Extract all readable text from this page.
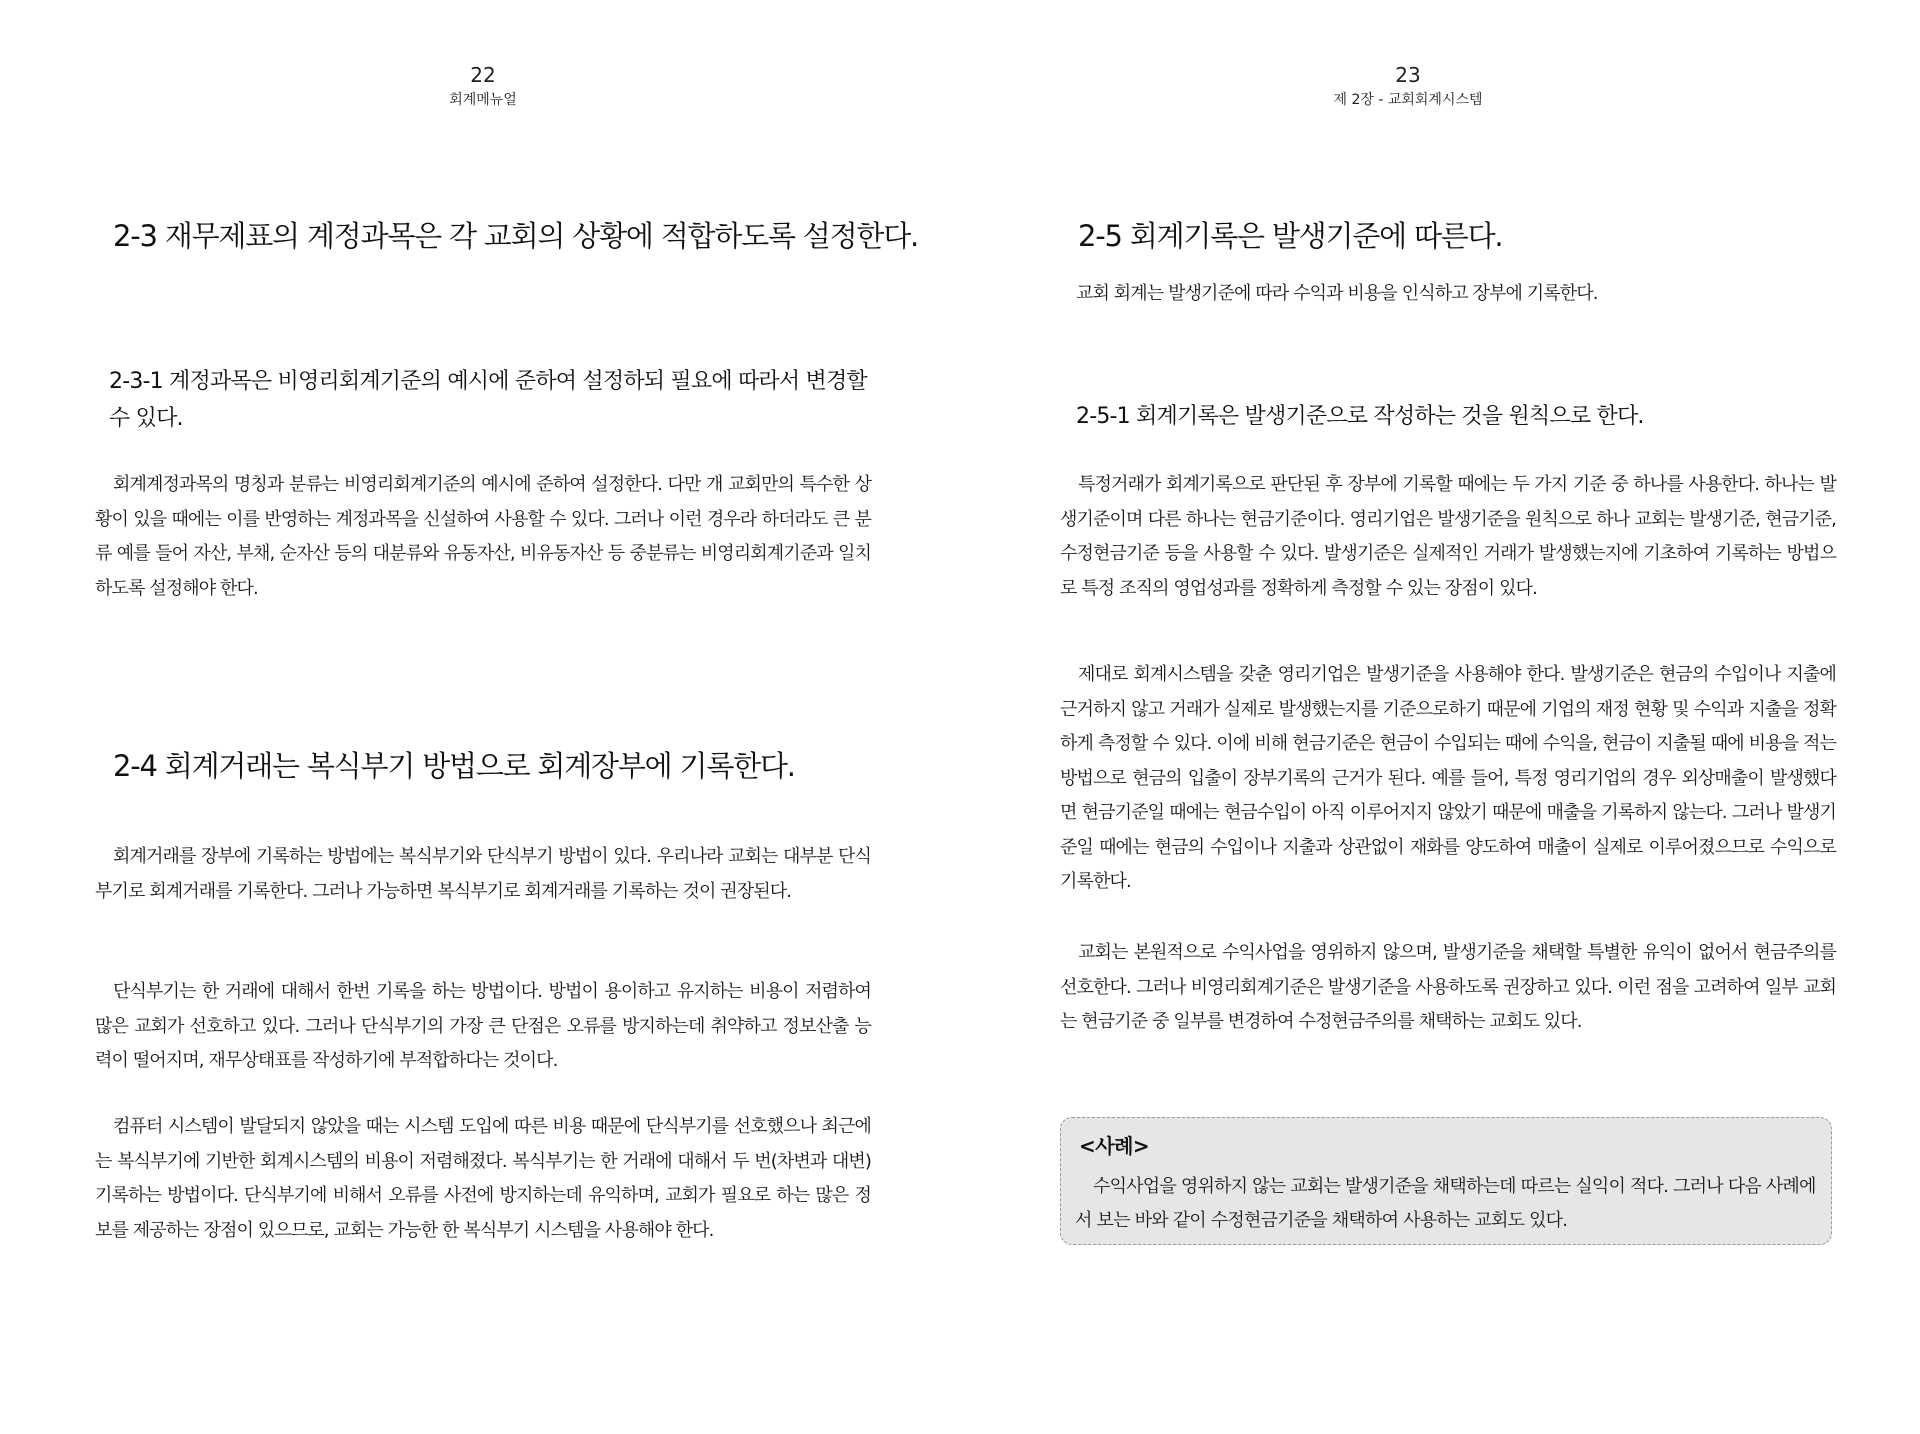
22
회계메뉴얼
2-3 재무제표의 계정과목은 각 교회의 상황에 적합하도록 설정한다.
2-3-1 계정과목은 비영리회계기준의 예시에 준하여 설정하되 필요에 따라서 변경할 수 있다.

회계계정과목의 명칭과 분류는 비영리회계기준의 예시에 준하여 설정한다. 다만 개 교회만의 특수한 상황이 있을 때에는 이를 반영하는 계정과목을 신설하여 사용할 수 있다. 그러나 이런 경우라 하더라도 큰 분류 예를 들어 자산, 부채, 순자산 등의 대분류와 유동자산, 비유동자산 등 중분류는 비영리회계기준과 일치하도록 설정해야 한다.

2-4 회계거래는 복식부기 방법으로 회계장부에 기록한다.

회계거래를 장부에 기록하는 방법에는 복식부기와 단식부기 방법이 있다. 우리나라 교회는 대부분 단식부기로 회계거래를 기록한다. 그러나 가능하면 복식부기로 회계거래를 기록하는 것이 권장된다.

단식부기는 한 거래에 대해서 한번 기록을 하는 방법이다. 방법이 용이하고 유지하는 비용이 저렴하여 많은 교회가 선호하고 있다. 그러나 단식부기의 가장 큰 단점은 오류를 방지하는데 취약하고 정보산출 능력이 떨어지며, 재무상태표를 작성하기에 부적합하다는 것이다.

컴퓨터 시스템이 발달되지 않았을 때는 시스템 도입에 따른 비용 때문에 단식부기를 선호했으나 최근에는 복식부기에 기반한 회계시스템의 비용이 저렴해졌다. 복식부기는 한 거래에 대해서 두 번(차변과 대변) 기록하는 방법이다. 단식부기에 비해서 오류를 사전에 방지하는데 유익하며, 교회가 필요로 하는 많은 정보를 제공하는 장점이 있으므로, 교회는 가능한 한 복식부기 시스템을 사용해야 한다.

23
제 2장 - 교회회계시스템
2-5 회계기록은 발생기준에 따른다.

교회 회계는 발생기준에 따라 수익과 비용을 인식하고 장부에 기록한다.

2-5-1 회계기록은 발생기준으로 작성하는 것을 원칙으로 한다.

특정거래가 회계기록으로 판단된 후 장부에 기록할 때에는 두 가지 기준 중 하나를 사용한다. 하나는 발생기준이며 다른 하나는 현금기준이다. 영리기업은 발생기준을 원칙으로 하나 교회는 발생기준, 현금기준, 수정현금기준 등을 사용할 수 있다. 발생기준은 실제적인 거래가 발생했는지에 기초하여 기록하는 방법으로 특정 조직의 영업성과를 정확하게 측정할 수 있는 장점이 있다.

제대로 회계시스템을 갖춘 영리기업은 발생기준을 사용해야 한다. 발생기준은 현금의 수입이나 지출에 근거하지 않고 거래가 실제로 발생했는지를 기준으로하기 때문에 기업의 재정 현황 및 수익과 지출을 정확하게 측정할 수 있다. 이에 비해 현금기준은 현금이 수입되는 때에 수익을, 현금이 지출될 때에 비용을 적는 방법으로 현금의 입출이 장부기록의 근거가 된다. 예를 들어, 특정 영리기업의 경우 외상매출이 발생했다면 현금기준일 때에는 현금수입이 아직 이루어지지 않았기 때문에 매출을 기록하지 않는다. 그러나 발생기준일 때에는 현금의 수입이나 지출과 상관없이 재화를 양도하여 매출이 실제로 이루어졌으므로 수익으로 기록한다.

교회는 본원적으로 수익사업을 영위하지 않으며, 발생기준을 채택할 특별한 유익이 없어서 현금주의를 선호한다. 그러나 비영리회계기준은 발생기준을 사용하도록 권장하고 있다. 이런 점을 고려하여 일부 교회는 현금기준 중 일부를 변경하여 수정현금주의를 채택하는 교회도 있다.

<사례>

수익사업을 영위하지 않는 교회는 발생기준을 채택하는데 따르는 실익이 적다. 그러나 다음 사례에서 보는 바와 같이 수정현금기준을 채택하여 사용하는 교회도 있다.
